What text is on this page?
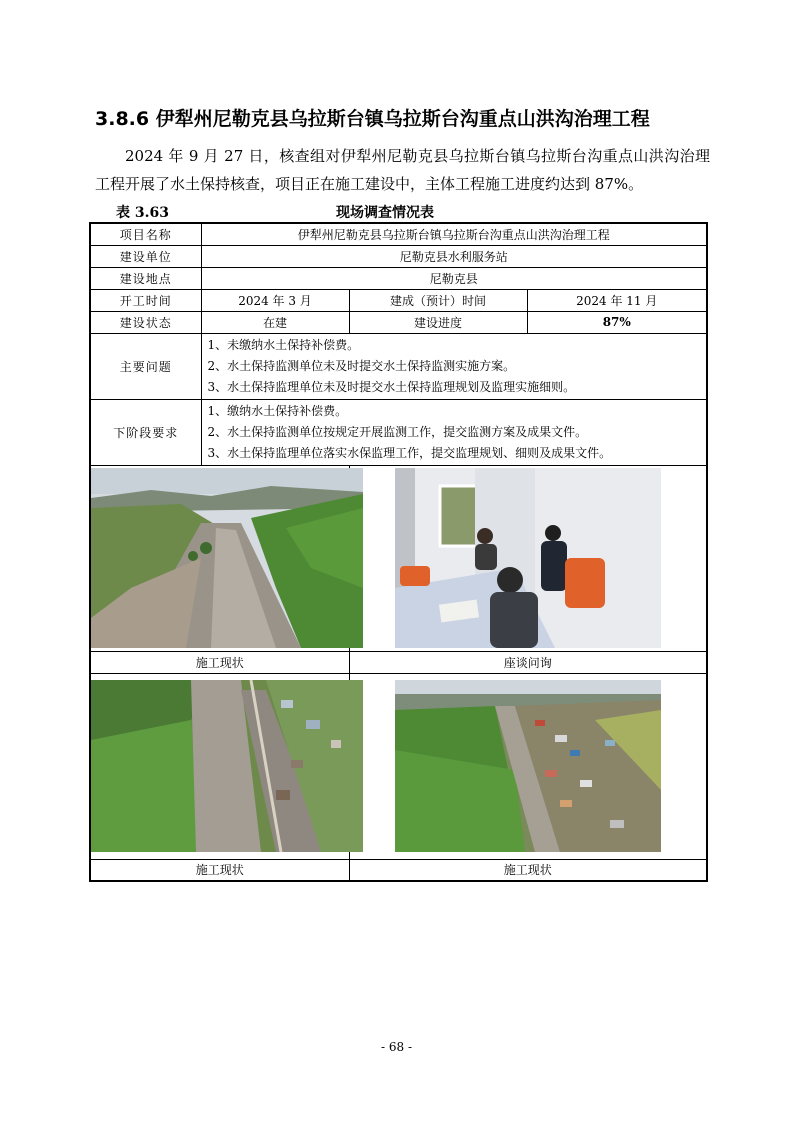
3.8.6 伊犁州尼勒克县乌拉斯台镇乌拉斯台沟重点山洪沟治理工程
2024 年 9 月 27 日，核查组对伊犁州尼勒克县乌拉斯台镇乌拉斯台沟重点山洪沟治理工程开展了水土保持核查，项目正在施工建设中，主体工程施工进度约达到 87%。
表 3.63	现场调查情况表
项目名称	伊犁州尼勒克县乌拉斯台镇乌拉斯台沟重点山洪沟治理工程		
建设单位	尼勒克县水利服务站		
建设地点	尼勒克县		
开工时间	2024 年 3 月	建成（预计）时间	2024 年 11 月
建设状态	在建	建设进度	87%
主要问题	1、未缴纳水土保持补偿费。
2、水土保持监测单位未及时提交水土保持监测实施方案。
3、水土保持监理单位未及时提交水土保持监理规划及监理实施细则。		

下阶段要求	1、缴纳水土保持补偿费。
2、水土保持监测单位按规定开展监测工作，提交监测方案及成果文件。
3、水土保持监理单位落实水保监理工作，提交监理规划、细则及成果文件。		

施工现状		座谈问询	

施工现状		施工现状	
- 68 -
